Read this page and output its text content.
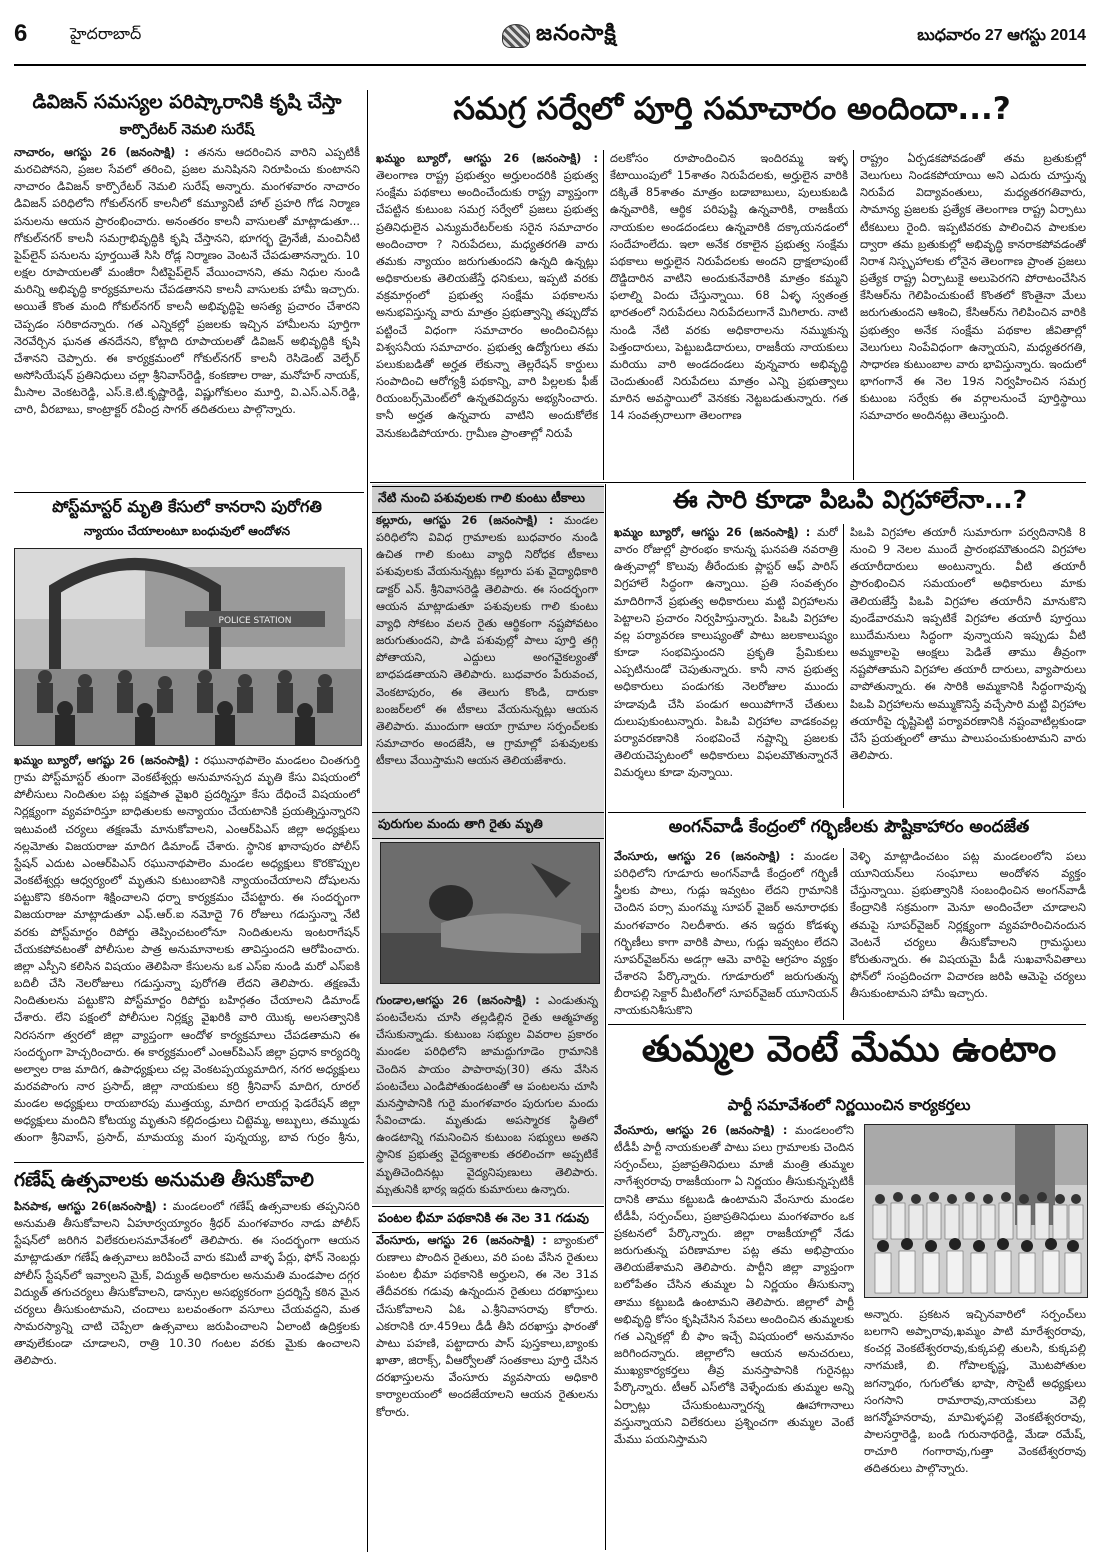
6	హైదరాబాద్	జనంసాక్షి	బుధవారం 27 ఆగస్టు 2014
డివిజన్ సమస్యల పరిష్కారానికి కృషి చేస్తా
కార్పొరేటర్ నెమలి సురేష్
నాచారం, ఆగస్టు 26 (జనంసాక్షి) : తనను ఆదరించిన వారిని ఎప్పటికీ మరచిపోనని, ప్రజల సేవలో తరించి, ప్రజల మనిషినని నిరూపించు కుంటానని నాచారం డివిజన్ కార్పొరేటర్ నెమలి సురేష్ అన్నారు. మంగళవారం నాచారం డివిజన్ పరిధిలోని గోకుల్‌నగర్ కాలనీలో కమ్యూనిటీ హాల్ ప్రహరి గోడ నిర్మాణ పనులను ఆయన ప్రారంభించారు. అనంతరం కాలనీ వాసులతో మాట్లాడుతూ... గోకుల్‌నగర్ కాలనీ సమగ్రాభివృద్ధికి కృషి చేస్తానని, భూగర్భ డ్రైనేజీ, మంచినీటి పైప్‌లైన్ పనులను పూర్తయితే సిసి రోడ్ల నిర్మాణం వెంటనే చేపడుతానన్నారు. 10 లక్షల రూపాయలతో మంజీరా నీటిపైప్‌లైన్ వేయించానని, తమ నిధుల నుండి మరిన్ని అభివృద్ధి కార్యక్రమాలను చేపడతానని కాలనీ వాసులకు హామీ ఇచ్చారు. అయితే కొంత మంది గోకుల్‌నగర్ కాలనీ అభివృద్ధిపై అసత్య ప్రచారం చేశారని చెప్పడం సరికాదన్నారు. గత ఎన్నికల్లో ప్రజలకు ఇచ్చిన హామీలను పూర్తిగా నెరవేర్చిన ఘనత తనదేనని, కోట్లాది రూపాయలతో డివిజన్ అభివృద్ధికి కృషి చేశానని చెప్పారు. ఈ కార్యక్రమంలో గోకుల్‌నగర్ కాలనీ రెసిడెంట్ వెల్ఫేర్ అసోసియేషన్ ప్రతినిధులు చల్లా శ్రీనివాస్‌రెడ్డి, కంకణాల రాజు, మనోహర్ నాయక్, మీసాల వెంకటరెడ్డి, ఎస్.కె.టి.కృష్ణారెడ్డి, విష్ణుగోకులం మూర్తి, వి.ఎస్.ఎన్.రెడ్డి, చారి, వీరబాబు, కాంట్రాక్టర్ రవీంద్ర సాగర్ తదితరులు పాల్గొన్నారు.
పోస్ట్‌మాస్టర్ మృతి కేసులో కానరాని పురోగతి
న్యాయం చేయాలంటూ బంధువులో ఆందోళన
POLICE STATION
ఖమ్మం బ్యూరో, ఆగష్టు 26 (జనంసాక్షి) : రఘునాథపాలెం మండలం చింతగుర్తి గ్రామ పోస్ట్‌మాస్టర్ తుంగా వెంకటేశ్వర్లు అనుమానస్పద మృతి కేసు విషయంలో పోలీసులు నిందితుల పట్ల పక్షపాత వైఖరి ప్రదర్శిస్తూ కేసు దేధించే విషయంలో నిర్లక్ష్యంగా వ్యవహరిస్తూ బాధితులకు అన్యాయం చేయటానికి ప్రయత్నిస్తున్నారని ఇటువంటి చర్యలు తక్షణమే మానుకోవాలని, ఎంఆర్‌పిఎస్ జిల్లా అధ్యక్షులు నల్లమోతు విజయరాజు మాదిగ డిమాండ్ చేశారు. స్థానిక ఖానాపురం పోలీస్ స్టేషన్ ఎదుట ఎంఆర్‌పిఎస్ రఘునాథపాలెం మండల అధ్యక్షులు కొరకొప్పుల వెంకటేశ్వర్లు ఆధ్వర్యంలో మృతుని కుటుంబానికి న్యాయంచేయాలని దోషులను పట్టుకొని కఠినంగా శిక్షించాలని ధర్నా కార్యక్రమం చేపట్టారు. ఈ సందర్భంగా విజయరాజు మాట్లాడుతూ ఎఫ్.ఆర్.ఐ నమోదై 76 రోజులు గడుస్తున్నా నేటి వరకు పోస్ట్‌మార్టం రిపోర్టు తెప్పించటంలోనూ నిందితులను ఇంటరాగేషన్ చేయకపోవటంతో పోలీసుల పాత్ర అనుమానాలకు తావిస్తుందని ఆరోపించారు. జిల్లా ఎస్పీని కలిసిన విషయం తెలిపినా కేసులను ఒక ఎస్ఐ నుండి మరో ఎస్ఐకి బదిలీ చేసి నెలరోజులు గడుస్తున్నా పురోగతి లేదని తెలిపారు. తక్షణమే నిందితులను పట్టుకొని పోస్ట్‌మార్టం రిపోర్టు బహిర్గతం చేయాలని డిమాండ్ చేశారు. లేని పక్షంలో పోలీసుల నిర్లక్ష్య వైఖరికి వారి యొక్క అలసత్వానికి నిరసనగా త్వరలో జిల్లా వ్యాప్తంగా ఆందోళ కార్యక్రమాలు చేపడతామని ఈ సందర్భంగా హెచ్చరించారు. ఈ కార్యక్రమంలో ఎంఆర్‌పిఎస్ జిల్లా ప్రధాన కార్యదర్శి అల్వాల రాజ మాదిగ, ఉపాధ్యక్షులు చల్ల వెంకటప్పయ్యమాదిగ, నగర అధ్యక్షులు మరవపొంగు నార ప్రసాద్, జిల్లా నాయకులు కర్రి శ్రీనివాస్ మాదిగ, రూరల్ మండల అధ్యక్షులు రాయబారపు ముత్తయ్య, మాదిగ లాయర్ల ఫెడరేషన్ జిల్లా అధ్యక్షులు మందిని కోటయ్య మృతుని కల్లిదండ్రులు చిట్టెమ్మ, అబ్బులు, తమ్ముడు తుంగా శ్రీనివాస్, ప్రసాద్, మామయ్య మంగ పున్నయ్య, బావ గుర్రం శ్రీను,
గణేష్ ఉత్సవాలకు అనుమతి తీసుకోవాలి
పినపాక, ఆగస్టు 26(జనంసాక్షి) : మండలంలో గణేష్ ఉత్సవాలకు తప్పనిసరి అనుమతి తీసుకోవాలని ఏహూర్వయ్యారం శ్రీధర్ మంగళవారం నాడు పోలీస్ స్టేషన్‌లో జరిగిన విలేకరులసమావేశంలో తెలిపారు. ఈ సందర్భంగా ఆయన మాట్లాడుతూ గణేష్ ఉత్సవాలు జరిపించే వారు కమిటీ వాళ్ళ పేర్లు, ఫోన్ నెంబర్లు పోలీస్ స్టేషన్‌లో ఇవ్వాలని మైక్, విద్యుత్ అధికారుల అనుమతి మండపాల దగ్గర విద్యుత్ తగుచర్యలు తీసుకోవాలని, డాన్సుల అసభ్యకరంగా ప్రదర్శిస్తే కఠిన మైన చర్యలు తీసుకుంటామని, చందాలు బలవంతంగా వసూలు చేయవద్దని, మత సామరస్యాన్ని చాటి చెప్పేలా ఉత్సవాలు జరుపించాలని ఏలాంటి ఉద్రిక్తలకు తావులేకుండా చూడాలని, రాత్రి 10.30 గంటల వరకు మైకు ఉంచాలని తెలిపారు.
సమగ్ర సర్వేలో పూర్తి సమాచారం అందిందా...?
ఖమ్మం బ్యూరో, ఆగస్టు 26 (జనంసాక్షి) : తెలంగాణ రాష్ట్ర ప్రభుత్వం అర్హులందరికి ప్రభుత్వ సంక్షేమ పథకాలు అందించేందుకు రాష్ట్ర వ్యాప్తంగా చేపట్టిన కుటుంబ సమగ్ర సర్వేలో ప్రజలు ప్రభుత్వ ప్రతినిధులైన ఎన్యుమరేటర్‌లకు సరైన సమాచారం అందించారా ? నిరుపేదలు, మధ్యతరగతి వారు తమకు న్యాయం జరుగుతుందని ఉన్నది ఉన్నట్లు అధికారులకు తెలియజేస్తే ధనికులు, ఇప్పటి వరకు వక్రమార్గంలో ప్రభుత్వ సంక్షేమ పథకాలను అనుభవిస్తున్న వారు మాత్రం ప్రభుత్వాన్ని తప్పుదోవ పట్టించే విధంగా సమాచారం అందించినట్లు విశ్వసనీయ సమాచారం. ప్రభుత్వ ఉద్యోగులు తమ పలుకుబడితో అర్హత లేకున్నా తెల్లరేషన్ కార్డులు సంపాదించి ఆరోగ్యశ్రీ పథకాన్ని, వారి పిల్లలకు ఫీజ్ రియంబర్స్‌మెంట్‌లో ఉన్నతవిద్యను అభ్యసించారు. కానీ అర్హత ఉన్నవారు వాటిని అందుకోలేక వెనుకబడిపోయారు. గ్రామీణ ప్రాంతాల్లో నిరుపే
దలకోసం రూపొందించిన ఇందిరమ్మ ఇళ్ళ కేటాయింపులో 15శాతం నిరుపేదలకు, అర్హులైన వారికి దక్కితే 85శాతం మాత్రం బడాబాబులు, పులుకుబడి ఉన్నవారికి, ఆర్థిక పరిపుష్టి ఉన్నవారికి, రాజకీయ నాయకుల అండదండలు ఉన్నవారికి దక్కాయనడంలో సందేహంలేదు. ఇలా అనేక రకాలైన ప్రభుత్వ సంక్షేమ పథకాలు అర్హులైన నిరుపేదలకు అందని ద్రాక్షలాపుంటే దొడ్డిదారిన వాటిని అందుకునేవారికి మాత్రం కమ్మని ఫలాల్ని విందు చేస్తున్నాయి. 68 ఏళ్ళ స్వతంత్ర భారతంలో నిరుపేదలు నిరుపేదలుగానే మిగిలారు. నాటి నుండి నేటి వరకు అధికారాలను నమ్ముకున్న పెత్తందారులు, పెట్టుబడిదారులు, రాజకీయ నాయకులు మరియు వారి అండదండలు వున్నవారు అభివృద్ధి చెందుతుంటే నిరుపేదలు మాత్రం ఎన్ని ప్రభుత్వాలు మారిన అవస్థాయిలో వెనకకు నెట్టబడుతున్నారు. గత 14 సంవత్సరాలుగా తెలంగాణ
రాష్ట్రం ఏర్పడకపోవడంతో తమ బ్రతుకుల్లో వెలుగులు నిండకపోయాయి అని ఎదురు చూస్తున్న నిరుపేద విద్యావంతులు, మధ్యతరగతివారు, సామాన్య ప్రజలకు ప్రత్యేక తెలంగాణ రాష్ట్ర ఏర్పాటు టీకటులు రైంది. ఇప్పటివరకు పాలించిన పాలకుల ద్వారా తమ బ్రతుకుల్లో అభివృద్ధి కానరాకపోవడంతో నిరాశ నిస్పృహాలకు లోనైన తెలంగాణ ప్రాంత ప్రజలు ప్రత్యేక రాష్ట్ర ఏర్పాటుకై అలుపెరగని పోరాటంచేసిన కేసిఆర్‌ను గెలిపించుకుంటే కొంతలో కొంతైనా మేలు జరుగుతుందని ఆశించి, కేసిఆర్‌ను గెలిపించిన వారికి ప్రభుత్వం అనేక సంక్షేమ పథకాల జీవితాల్లో వెలుగులు నింపేవిధంగా ఉన్నాయని, మధ్యతరగతి, సాధారణ కుటుంబాల వారు భావిస్తున్నారు. ఇందులో భాగంగానే ఈ నెల 19న నిర్వహించిన సమగ్ర కుటుంబ సర్వేకు ఈ వర్గాలనుంచే పూర్తిస్థాయి సమాచారం అందినట్లు తెలుస్తుంది.
నేటి నుంచి పశువులకు గాలి కుంటు టీకాలు
కల్లూరు, ఆగస్టు 26 (జనంసాక్షి) : మండల పరిధిలోని వివిధ గ్రామాలకు బుధవారం నుండి ఉచిత గాలి కుంటు వ్యాధి నిరోధక టీకాలు పశువులకు వేయనున్నట్లు కల్లూరు పశు వైద్యాధికారి డాక్టర్ ఎన్. శ్రీనివాసరెడ్డి తెలిపారు. ఈ సందర్భంగా ఆయన మాట్లాడుతూ పశువులకు గాలి కుంటు వ్యాధి సోకటం వలన రైతు ఆర్థికంగా నష్టపోవటం జరుగుతుందని, పాడి పశువుల్లో పాలు పూర్తి తగ్గి పోతాయని, ఎద్దులు అంగవైకల్యంతో బాధపడతాయని తెలిపారు. బుధవారం పేరువంచ, వెంకటాపురం, ఈ తెలుగు కొండి, దారుకా బంజర్‌లలో ఈ టీకాలు వేయనున్నట్లు ఆయన తెలిపారు. ముందుగా ఆయా గ్రామాల సర్పంచ్‌లకు సమాచారం అందజేసి, ఆ గ్రామాల్లో పశువులకు టీకాలు వేయిస్తామని ఆయన తెలియజేశారు.
పురుగుల మందు తాగి రైతు మృతి
గుండాల,ఆగస్టు 26 (జనంసాక్షి) : ఎండుతున్న పంటచేలను చూసి తల్లడిల్లిన రైతు ఆత్మహత్య చేసుకున్నాడు. కుటుంబ సభ్యుల వివరాల ప్రకారం మండల పరిధిలోని జామద్దుగూడెం గ్రామానికి చెందిన పాయం పాపారావు(30) తను వేసిన పంటచేలు ఎండిపోతుండటంతో ఆ పంటలను చూసి మనస్తాపానికి గురై మంగళవారం పురుగుల మందు సేవించాడు. మృతుడు అపస్మారక స్థితిలో ఉండటాన్ని గమనించిన కుటుంబ సభ్యులు అతని స్థానిక ప్రభుత్వ వైద్యశాలకు తరలించగా అప్పటికే మృతిచెందినట్లు వైద్యనిపుణులు తెలిపారు. మృతునికి భార్య ఇద్దరు కుమారులు ఉన్నారు.
పంటల భీమా పథకానికి ఈ నెల 31 గడువు
వేంసూరు, ఆగస్టు 26 (జనంసాక్షి) : బ్యాంకులో రుణాలు పొందిన రైతులు, వరి పంట వేసిన రైతులు పంటల భీమా పథకానికి అర్హులని, ఈ నెల 31వ తేదీవరకు గడువు ఉన్నందున రైతులు దరఖాస్తులు చేసుకోవాలని ఏఓ ఎ.శ్రీనివాసరావు కోరారు. ఎకరానికి రూ.459లు డీడీ తీసి దరఖాస్తు ఫారంతో పాటు పహణి, పట్టాదారు పాస్ పుస్తకాలు,బ్యాంకు ఖాతా, జిరాక్స్, వీఆర్వోలతో సంతకాలు పూర్తి చేసిన దరఖాస్తులను వేంసూరు వ్యవసాయ అధికారి కార్యాలయంలో అందజేయాలని ఆయన రైతులను కోరారు.
ఈ సారి కూడా పిఒపి విగ్రహాలేనా...?
ఖమ్మం బ్యూరో, ఆగస్టు 26 (జనంసాక్షి) : మరో వారం రోజుల్లో ప్రారంభం కానున్న ఘనపతి నవరాత్రి ఉత్సవాల్లో కొలువు తీరేందుకు ప్లాస్టర్ ఆఫ్ పారిస్ విగ్రహాలే సిద్ధంగా ఉన్నాయి. ప్రతి సంవత్సరం మాదిరిగానే ప్రభుత్వ అధికారులు మట్టి విగ్రహాలను పెట్టాలని ప్రచారం నిర్వహిస్తున్నారు. పిఒపి విగ్రహాల వల్ల పర్యావరణ కాలుష్యంతో పాటు జలకాలుష్యం కూడా సంభవిస్తుందని ప్రకృతి ప్రేమికులు ఎప్పటినుండో చెపుతున్నారు. కానీ నాన ప్రభుత్వ అధికారులు పండుగకు నెలరోజుల ముందు హడావుడి చేసి పండుగ అయిపోగానే చేతులు దులుపుకుంటున్నారు. పిఒపి విగ్రహాల వాడకంవల్ల పర్యావరణానికి సంభవించే నష్టాన్ని ప్రజలకు తెలియచెప్పటంలో అధికారులు విఫలమౌతున్నారనే విమర్శలు కూడా వున్నాయి.
పిఒపి విగ్రహాల తయారీ సుమారుగా పర్వదినానికి 8 నుంచి 9 నెలల ముందే ప్రారంభమౌతుందని విగ్రహాల తయారీదారులు అంటున్నారు. వీటి తయారీ ప్రారంభించిన సమయంలో అధికారులు మాకు తెలియజేస్తే పిఒపి విగ్రహాల తయారీని మానుకొని వుండేవారమని ఇప్పటికే విగ్రహాల తయారీ పూర్తయి ఋదేమనులు సిద్ధంగా వున్నాయని ఇప్పుడు వీటి అమ్మకాలపై ఆంక్షలు పెడితే తాము తీవ్రంగా నష్టపోతామని విగ్రహాల తయారీ దారులు, వ్యాపారులు వాపోతున్నారు. ఈ సారికి అమ్మకానికి సిద్ధంగావున్న పిఒపి విగ్రహాలను అమ్ముకొనిస్తే వచ్చేసారి మట్టి విగ్రహాల తయారీపై దృష్టిపెట్టి పర్యావరణానికి నష్టంవాటిల్లకుండా చేసే ప్రయత్నంలో తాము పాలుపంచుకుంటామని వారు తెలిపారు.
అంగన్‌వాడీ కేంద్రంలో గర్భిణీలకు పౌష్టికాహారం అందజేత
వేంసూరు, ఆగస్టు 26 (జనంసాక్షి) : మండల పరిధిలోని గూడూరు అంగన్‌వాడీ కేంద్రంలో గర్భిణీ స్త్రీలకు పాలు, గుడ్లు ఇవ్వటం లేదని గ్రామానికి చెందిన పర్సా మంగమ్మ సూపర్ వైజర్ అనూరాధకు మంగళవారం నిలదీశారు. తన ఇద్దరు కోడళ్ళు గర్భిణీలు కాగా వారికి పాలు, గుడ్లు ఇవ్వటం లేదని సూపర్‌వైజర్‌ను అడగ్గా ఆమె వారిపై ఆగ్రహం వ్యక్తం చేశారని పేర్కొన్నారు. గూడూరులో జరుగుతున్న బీరాపల్లి సెక్టార్ మీటింగ్‌లో సూపర్‌వైజర్ యూనియన్ నాయకునిశీసుకొని
వెళ్ళి మాట్లాడించటం పట్ల మండలంలోని పలు యూనియన్‌లు సంఘాలు అందోళన వ్యక్తం చేస్తున్నాయి. ప్రభుత్వానికి సంబంధించిన అంగన్‌వాడీ కేంద్రానికి సక్రమంగా మెనూ అందించేలా చూడాలని తమపై సూపర్‌వైజర్ నిర్లక్ష్యంగా వ్యవహరించినందున వెంటనే చర్యలు తీసుకోవాలని గ్రామస్థులు కోరుతున్నారు. ఈ విషయమై పీడీ సుఖవాసేవితాలు ఫోన్‌లో సంప్రదించగా విచారణ జరిపి ఆమెపై చర్యలు తీసుకుంటామని హామీ ఇచ్చారు.
తుమ్మల వెంటే మేము ఉంటాం
పార్టీ సమావేశంలో నిర్ణయించిన కార్యకర్తలు
వేంసూరు, ఆగస్టు 26 (జనంసాక్షి) : మండలంలోని టీడీపీ పార్టీ నాయకులతో పాటు పలు గ్రామాలకు చెందిన సర్పంచ్‌లు, ప్రజాప్రతినిధులు మాజీ మంత్రి తుమ్మల నాగేశ్వరరావు రాజకీయంగా ఏ నిర్ణయం తీసుకున్నప్పటికీ దానికి తాము కట్టుబడి ఉంటామని వేంసూరు మండల టీడీపీ, సర్పంచ్‌లు, ప్రజాప్రతినిధులు మంగళవారం ఒక ప్రకటనలో పేర్కొన్నారు. జిల్లా రాజకీయాల్లో నేడు జరుగుతున్న పరిణామాల పట్ల తమ అభిప్రాయం తెలియజేశామని తెలిపారు. పార్టీని జిల్లా వ్యాప్తంగా బలోపేతం చేసిన తుమ్మల ఏ నిర్ణయం తీసుకున్నా తాము కట్టుబడి ఉంటామని తెలిపారు. జిల్లాలో పార్టీ అభివృద్ధి కోసం కృషిచేసిన సేవలు అందించిన తుమ్మలకు గత ఎన్నికల్లో బీ ఫాం ఇచ్చే విషయంలో అనుమానం జరిగిందన్నారు. జిల్లాలోని ఆయన అనుచరులు, ముఖ్యకార్యకర్తలు తీవ్ర మనస్తాపానికి గురైనట్లు పేర్కొన్నారు. టీఆర్ ఎస్‌లోకి వెళ్ళేందుకు తుమ్మల అన్ని ఏర్పాట్లు చేసుకుంటున్నారన్న ఊహాగానాలు వస్తున్నాయని విలేకరులు ప్రశ్నించగా తుమ్మల వెంటే మేము పయనిస్తామని
అన్నారు. ప్రకటన ఇచ్చినవారిలో సర్పంచ్‌లు బలగాని అప్పారావు,ఖమ్మం పాటి మారేశ్వరరావు, కంచర్ల వెంకటేశ్వరరావు,కుక్కపల్లి తులసి, కుక్కపల్లి నాగమణి, బి. గోపాలకృష్ణ, మొటపోతుల జగన్నాథం, గుగులోతు భాషా, సొసైటీ అధ్యక్షులు సంగసాని రామారావు,నాయకులు వెల్లి జగన్మోహనరావు, మామిళ్ళపల్లి వెంకటేశ్వరరావు, పాలసర్తారెడ్డి, బండి గురునాథరెడ్డి, మేడా రమేష్, రాచూరి గంగారావు,గుత్తా వెంకటేశ్వరరావు తదితరులు పాల్గొన్నారు.
